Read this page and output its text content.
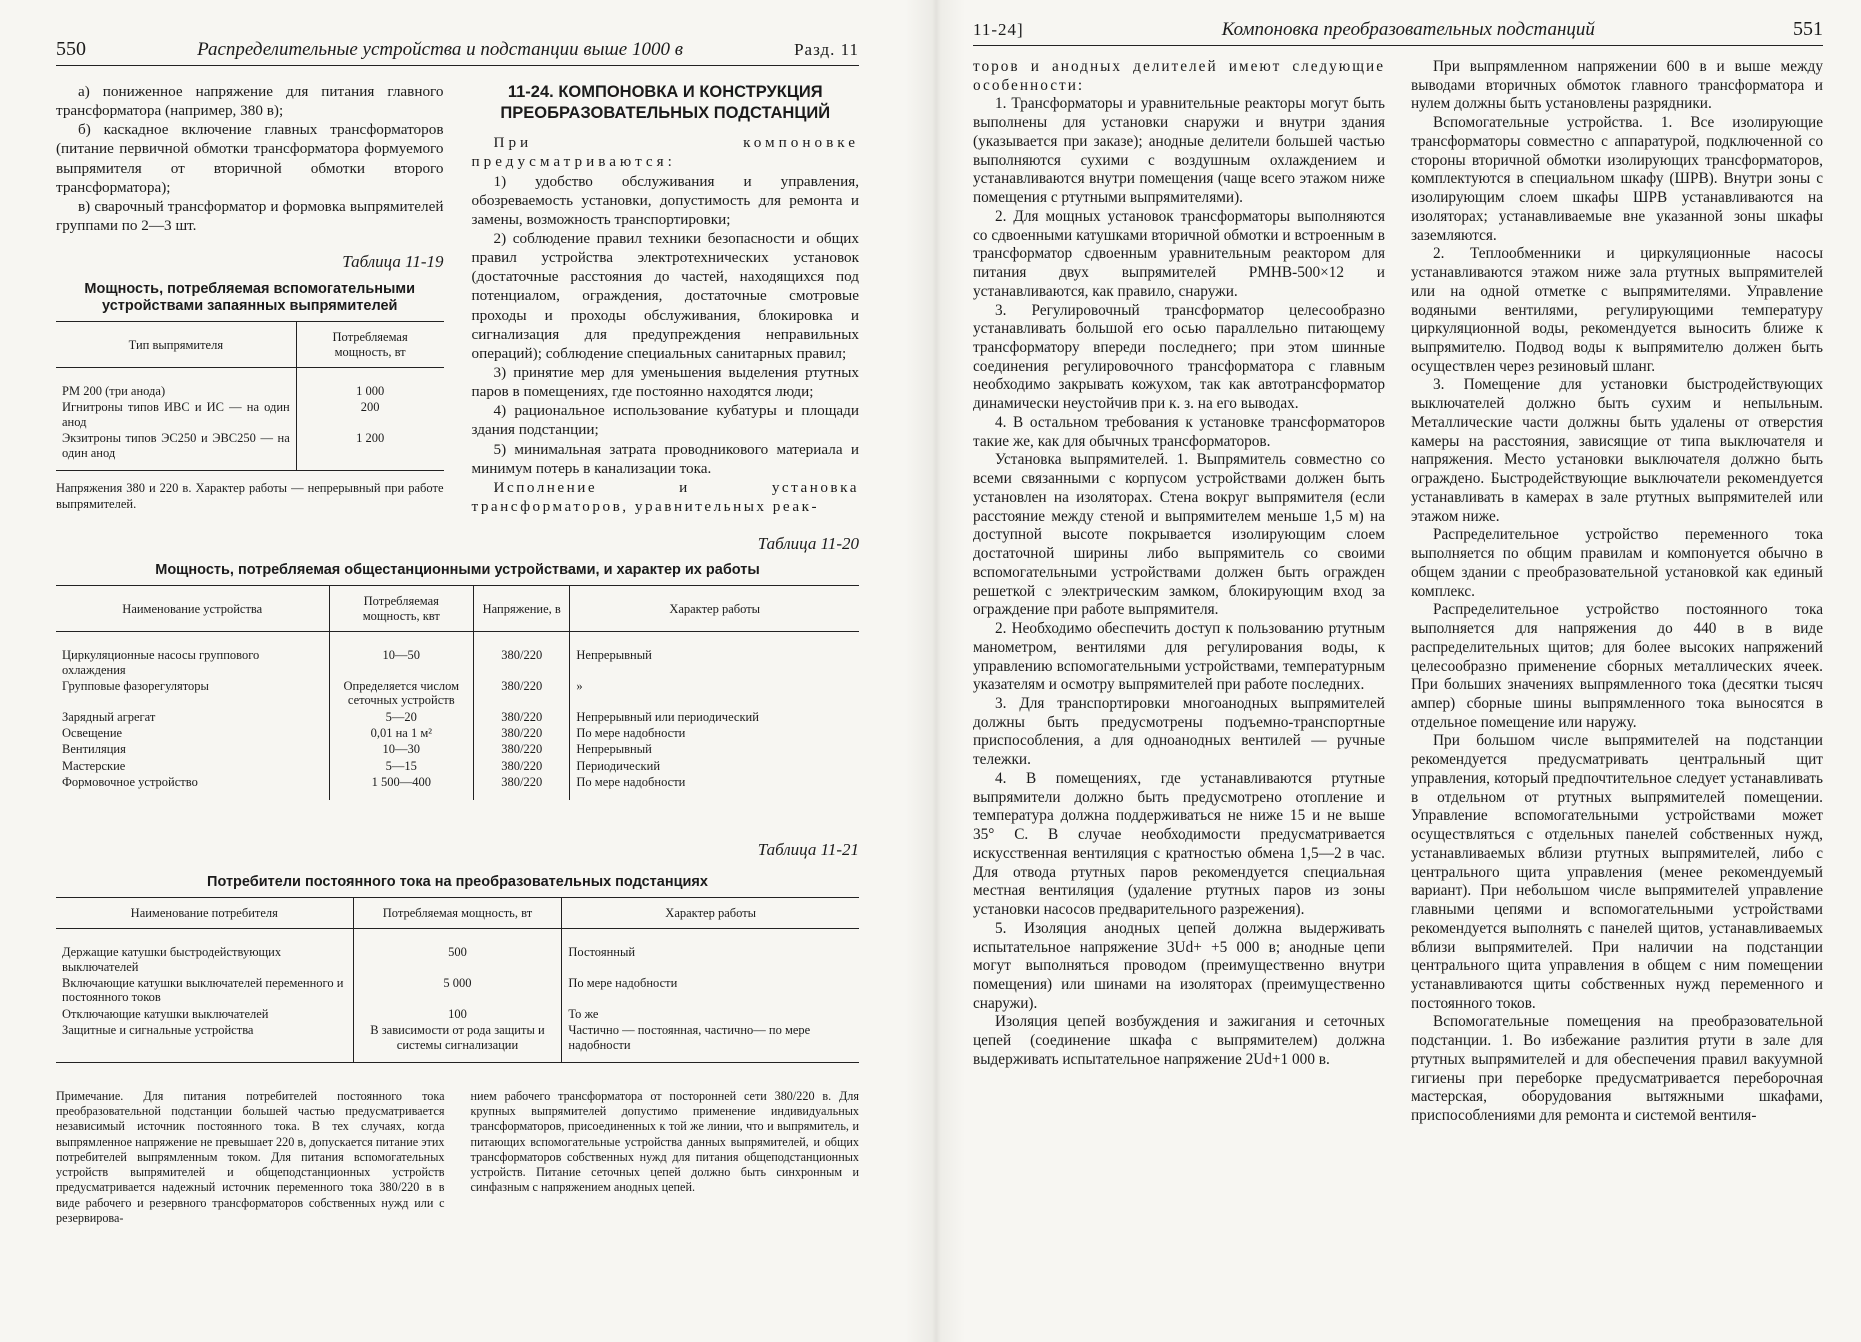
550	Распределительные устройства и подстанции выше 1000 в	Разд. 11

а) пониженное напряжение для питания главного трансформатора (например, 380 в);

б) каскадное включение главных трансформаторов (питание первичной обмотки трансформатора формуемого выпрямителя от вторичной обмотки второго трансформатора);

в) сварочный трансформатор и формовка выпрямителей группами по 2—3 шт.

Таблица 11-19
Мощность, потребляемая вспомогательными устройствами запаянных выпрямителей
Тип выпрямителя	Потребляемая мощность, вт
РМ 200 (три анода)	1 000
Игнитроны типов ИВС и ИС — на один анод	200
Экзитроны типов ЭС250 и ЭВС250 — на один анод	1 200
Напряжения 380 и 220 в. Характер работы — непрерывный при работе выпрямителей.
11-24. КОМПОНОВКА И КОНСТРУКЦИЯ ПРЕОБРАЗОВАТЕЛЬНЫХ ПОДСТАНЦИЙ

При компоновке предусматриваются:

1) удобство обслуживания и управления, обозреваемость установки, допустимость для ремонта и замены, возможность транспортировки;

2) соблюдение правил техники безопасности и общих правил устройства электротехнических установок (достаточные расстояния до частей, находящихся под потенциалом, ограждения, достаточные смотровые проходы и проходы обслуживания, блокировка и сигнализация для предупреждения неправильных операций); соблюдение специальных санитарных правил;

3) принятие мер для уменьшения выделения ртутных паров в помещениях, где постоянно находятся люди;

4) рациональное использование кубатуры и площади здания подстанции;

5) минимальная затрата проводникового материала и минимум потерь в канализации тока.

Исполнение и установка трансформаторов, уравнительных реак-

Таблица 11-20
Мощность, потребляемая общестанционными устройствами, и характер их работы
Наименование устройства	Потребляемая мощность, квт	Напряжение, в	Характер работы
Циркуляционные насосы группового охлаждения	10—50	380/220	Непрерывный
Групповые фазорегуляторы	Определяется числом сеточных устройств	380/220	»
Зарядный агрегат	5—20	380/220	Непрерывный или периодический
Освещение	0,01 на 1 м²	380/220	По мере надобности
Вентиляция	10—30	380/220	Непрерывный
Мастерские	5—15	380/220	Периодический
Формовочное устройство	1 500—400	380/220	По мере надобности
Таблица 11-21
Потребители постоянного тока на преобразовательных подстанциях
Наименование потребителя	Потребляемая мощность, вт	Характер работы
Держащие катушки быстродействующих выключателей	500	Постоянный
Включающие катушки выключателей переменного и постоянного токов	5 000	По мере надобности
Отключающие катушки выключателей	100	То же
Защитные и сигнальные устройства	В зависимости от рода защиты и системы сигнализации	Частично — постоянная, частично— по мере надобности
Примечание. Для питания потребителей постоянного тока преобразовательной подстанции большей частью предусматривается независимый источник постоянного тока. В тех случаях, когда выпрямленное напряжение не превышает 220 в, допускается питание этих потребителей выпрямленным током. Для питания вспомогательных устройств выпрямителей и общеподстанционных устройств предусматривается надежный источник переменного тока 380/220 в в виде рабочего и резервного трансформаторов собственных нужд или с резервирова-
нием рабочего трансформатора от посторонней сети 380/220 в. Для крупных выпрямителей допустимо применение индивидуальных трансформаторов, присоединенных к той же линии, что и выпрямитель, и питающих вспомогательные устройства данных выпрямителей, и общих трансформаторов собственных нужд для питания общеподстанционных устройств. Питание сеточных цепей должно быть синхронным и синфазным с напряжением анодных цепей.
11-24]	Компоновка преобразовательных подстанций	551

торов и анодных делителей имеют следующие особенности:

1. Трансформаторы и уравнительные реакторы могут быть выполнены для установки снаружи и внутри здания (указывается при заказе); анодные делители большей частью выполняются сухими с воздушным охлаждением и устанавливаются внутри помещения (чаще всего этажом ниже помещения с ртутными выпрямителями).

2. Для мощных установок трансформаторы выполняются со сдвоенными катушками вторичной обмотки и встроенным в трансформатор сдвоенным уравнительным реактором для питания двух выпрямителей РМНВ-500×12 и устанавливаются, как правило, снаружи.

3. Регулировочный трансформатор целесообразно устанавливать большой его осью параллельно питающему трансформатору впереди последнего; при этом шинные соединения регулировочного трансформатора с главным необходимо закрывать кожухом, так как автотрансформатор динамически неустойчив при к. з. на его выводах.

4. В остальном требования к установке трансформаторов такие же, как для обычных трансформаторов.

Установка выпрямителей. 1. Выпрямитель совместно со всеми связанными с корпусом устройствами должен быть установлен на изоляторах. Стена вокруг выпрямителя (если расстояние между стеной и выпрямителем меньше 1,5 м) на доступной высоте покрывается изолирующим слоем достаточной ширины либо выпрямитель со своими вспомогательными устройствами должен быть огражден решеткой с электрическим замком, блокирующим вход за ограждение при работе выпрямителя.

2. Необходимо обеспечить доступ к пользованию ртутным манометром, вентилями для регулирования воды, к управлению вспомогательными устройствами, температурным указателям и осмотру выпрямителей при работе последних.

3. Для транспортировки многоанодных выпрямителей должны быть предусмотрены подъемно-транспортные приспособления, а для одноанодных вентилей — ручные тележки.

4. В помещениях, где устанавливаются ртутные выпрямители должно быть предусмотрено отопление и температура должна поддерживаться не ниже 15 и не выше 35° С. В случае необходимости предусматривается искусственная вентиляция с кратностью обмена 1,5—2 в час. Для отвода ртутных паров рекомендуется специальная местная вентиляция (удаление ртутных паров из зоны установки насосов предварительного разрежения).

5. Изоляция анодных цепей должна выдерживать испытательное напряжение 3Ud+ +5 000 в; анодные цепи могут выполняться проводом (преимущественно внутри помещения) или шинами на изоляторах (преимущественно снаружи).

Изоляция цепей возбуждения и зажигания и сеточных цепей (соединение шкафа с выпрямителем) должна выдерживать испытательное напряжение 2Ud+1 000 в.

При выпрямленном напряжении 600 в и выше между выводами вторичных обмоток главного трансформатора и нулем должны быть установлены разрядники.

Вспомогательные устройства. 1. Все изолирующие трансформаторы совместно с аппаратурой, подключенной со стороны вторичной обмотки изолирующих трансформаторов, комплектуются в специальном шкафу (ШРВ). Внутри зоны с изолирующим слоем шкафы ШРВ устанавливаются на изоляторах; устанавливаемые вне указанной зоны шкафы заземляются.

2. Теплообменники и циркуляционные насосы устанавливаются этажом ниже зала ртутных выпрямителей или на одной отметке с выпрямителями. Управление водяными вентилями, регулирующими температуру циркуляционной воды, рекомендуется выносить ближе к выпрямителю. Подвод воды к выпрямителю должен быть осуществлен через резиновый шланг.

3. Помещение для установки быстродействующих выключателей должно быть сухим и непыльным. Металлические части должны быть удалены от отверстия камеры на расстояния, зависящие от типа выключателя и напряжения. Место установки выключателя должно быть ограждено. Быстродействующие выключатели рекомендуется устанавливать в камерах в зале ртутных выпрямителей или этажом ниже.

Распределительное устройство переменного тока выполняется по общим правилам и компонуется обычно в общем здании с преобразовательной установкой как единый комплекс.

Распределительное устройство постоянного тока выполняется для напряжения до 440 в в виде распределительных щитов; для более высоких напряжений целесообразно применение сборных металлических ячеек. При больших значениях выпрямленного тока (десятки тысяч ампер) сборные шины выпрямленного тока выносятся в отдельное помещение или наружу.

При большом числе выпрямителей на подстанции рекомендуется предусматривать центральный щит управления, который предпочтительное следует устанавливать в отдельном от ртутных выпрямителей помещении. Управление вспомогательными устройствами может осуществляться с отдельных панелей собственных нужд, устанавливаемых вблизи ртутных выпрямителей, либо с центрального щита управления (менее рекомендуемый вариант). При небольшом числе выпрямителей управление главными цепями и вспомогательными устройствами рекомендуется выполнять с панелей щитов, устанавливаемых вблизи выпрямителей. При наличии на подстанции центрального щита управления в общем с ним помещении устанавливаются щиты собственных нужд переменного и постоянного токов.

Вспомогательные помещения на преобразовательной подстанции. 1. Во избежание разлития ртути в зале для ртутных выпрямителей и для обеспечения правил вакуумной гигиены при переборке предусматривается переборочная мастерская, оборудования вытяжными шкафами, приспособлениями для ремонта и системой вентиля-
